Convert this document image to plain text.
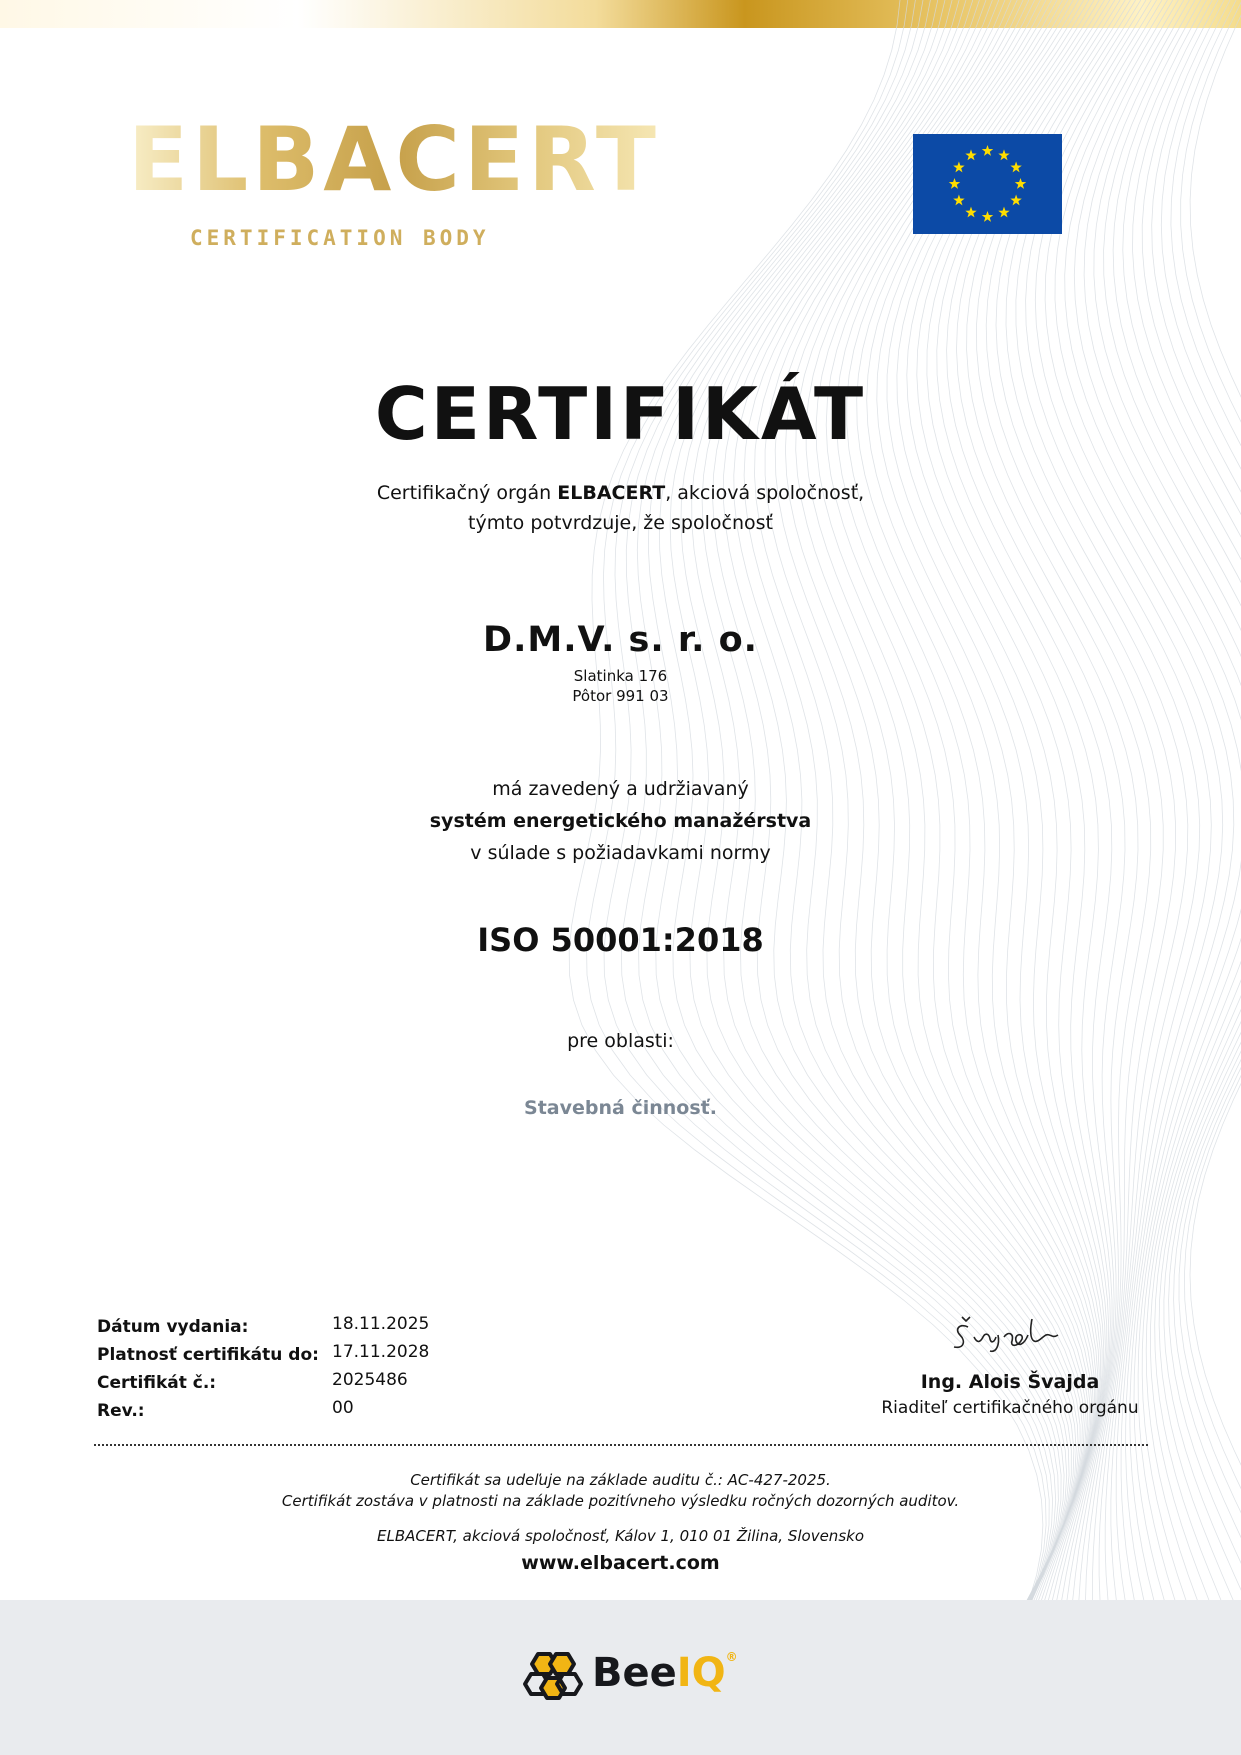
ELBACERT
CERTIFICATION BODY
CERTIFIKÁT
Certifikačný orgán ELBACERT, akciová spoločnosť,
týmto potvrdzuje, že spoločnosť
D.M.V. s. r. o.
Slatinka 176
Pôtor 991 03
má zavedený a udržiavaný
systém energetického manažérstva
v súlade s požiadavkami normy
ISO 50001:2018
pre oblasti:
Stavebná činnosť.
Dátum vydania:	18.11.2025
Platnosť certifikátu do: 17.11.2028
Certifikát č.:	2025486
Rev.:	00
Ing. Alois Švajda
Riaditeľ certifikačného orgánu
Certifikát sa udeľuje na základe auditu č.: AC-427-2025.
Certifikát zostáva v platnosti na základe pozitívneho výsledku ročných dozorných auditov.
ELBACERT, akciová spoločnosť, Kálov 1, 010 01 Žilina, Slovensko
www.elbacert.com
BeeIQ®
